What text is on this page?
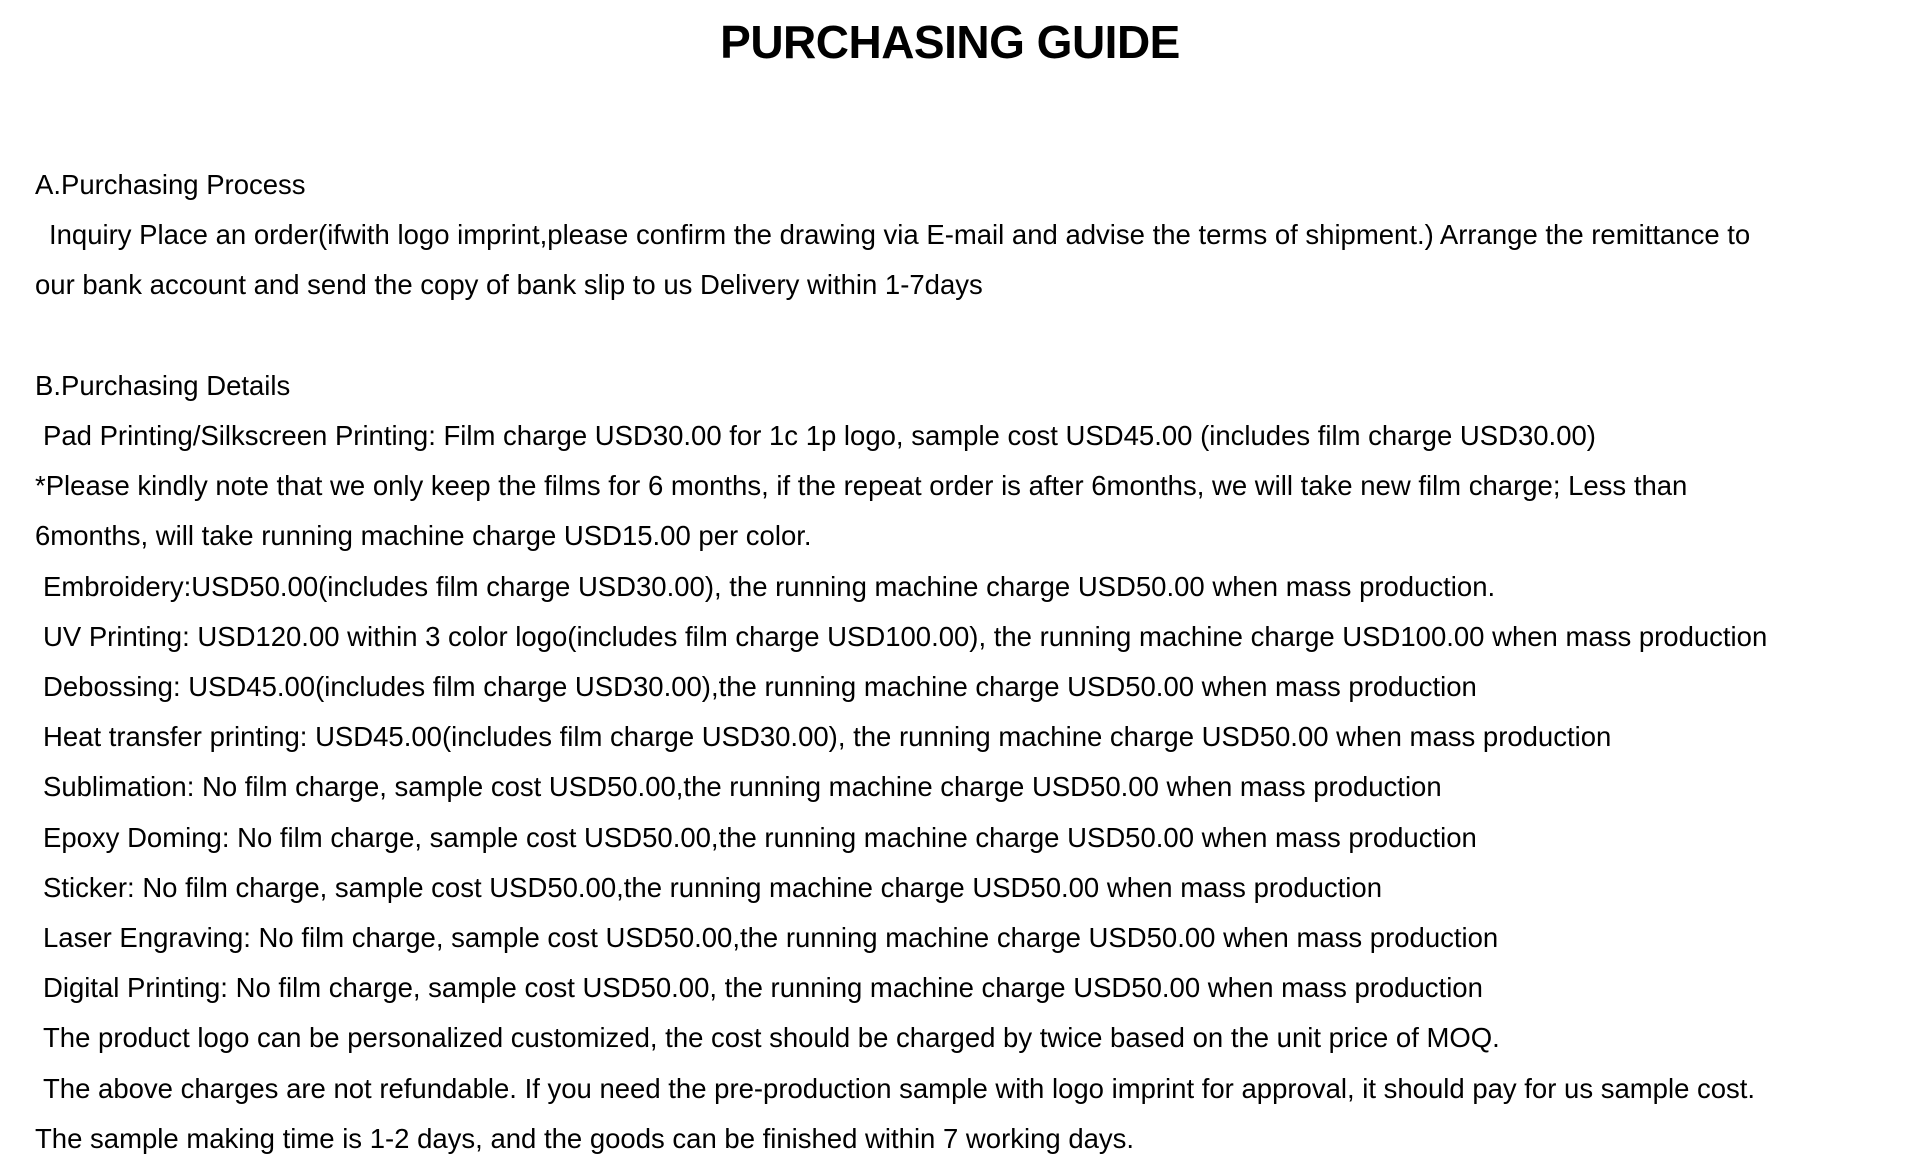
PURCHASING GUIDE
A.Purchasing Process
Inquiry Place an order(ifwith logo imprint,please confirm the drawing via E-mail and advise the terms of shipment.) Arrange the remittance to
our bank account and send the copy of bank slip to us Delivery within 1-7days
B.Purchasing Details
Pad Printing/Silkscreen Printing: Film charge USD30.00 for 1c 1p logo, sample cost USD45.00 (includes film charge USD30.00)
*Please kindly note that we only keep the films for 6 months, if the repeat order is after 6months, we will take new film charge; Less than
6months, will take running machine charge USD15.00 per color.
Embroidery:USD50.00(includes film charge USD30.00), the running machine charge USD50.00 when mass production.
UV Printing: USD120.00 within 3 color logo(includes film charge USD100.00), the running machine charge USD100.00 when mass production
Debossing: USD45.00(includes film charge USD30.00),the running machine charge USD50.00 when mass production
Heat transfer printing: USD45.00(includes film charge USD30.00), the running machine charge USD50.00 when mass production
Sublimation: No film charge, sample cost USD50.00,the running machine charge USD50.00 when mass production
Epoxy Doming: No film charge, sample cost USD50.00,the running machine charge USD50.00 when mass production
Sticker: No film charge, sample cost USD50.00,the running machine charge USD50.00 when mass production
Laser Engraving: No film charge, sample cost USD50.00,the running machine charge USD50.00 when mass production
Digital Printing: No film charge, sample cost USD50.00, the running machine charge USD50.00 when mass production
The product logo can be personalized customized, the cost should be charged by twice based on the unit price of MOQ.
The above charges are not refundable. If you need the pre-production sample with logo imprint for approval, it should pay for us sample cost.
The sample making time is 1-2 days, and the goods can be finished within 7 working days.
